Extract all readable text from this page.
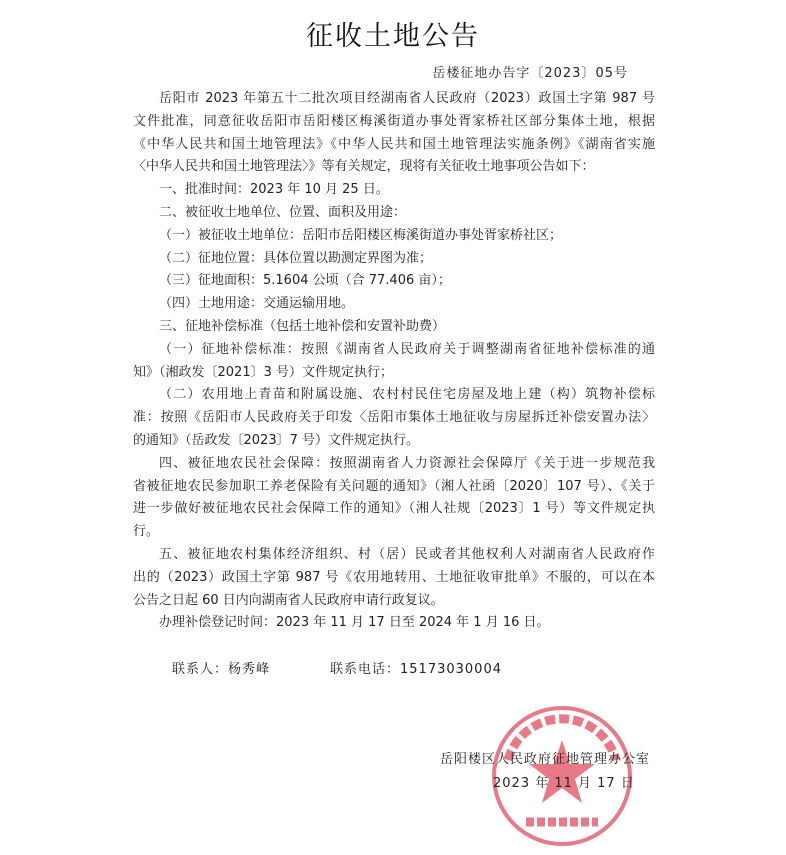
征收土地公告
岳楼征地办告字〔2023〕05号
岳阳市 2023 年第五十二批次项目经湖南省人民政府（2023）政国土字第 987 号
文件批准，同意征收岳阳市岳阳楼区梅溪街道办事处胥家桥社区部分集体土地，根据
《中华人民共和国土地管理法》《中华人民共和国土地管理法实施条例》《湖南省实施
〈中华人民共和国土地管理法〉》等有关规定，现将有关征收土地事项公告如下：
一、批准时间：2023 年 10 月 25 日。
二、被征收土地单位、位置、面积及用途：
（一）被征收土地单位：岳阳市岳阳楼区梅溪街道办事处胥家桥社区；
（二）征地位置：具体位置以勘测定界图为准；
（三）征地面积：5.1604 公顷（合 77.406 亩）；
（四）土地用途：交通运输用地。
三、征地补偿标准（包括土地补偿和安置补助费）
（一）征地补偿标准：按照《湖南省人民政府关于调整湖南省征地补偿标准的通
知》（湘政发〔2021〕3 号）文件规定执行；
（二）农用地上青苗和附属设施、农村村民住宅房屋及地上建（构）筑物补偿标
准：按照《岳阳市人民政府关于印发〈岳阳市集体土地征收与房屋拆迁补偿安置办法〉
的通知》（岳政发〔2023〕7 号）文件规定执行。
四、被征地农民社会保障：按照湖南省人力资源社会保障厅《关于进一步规范我
省被征地农民参加职工养老保险有关问题的通知》（湘人社函〔2020〕107 号）、《关于
进一步做好被征地农民社会保障工作的通知》（湘人社规〔2023〕1 号）等文件规定执
行。
五、被征地农村集体经济组织、村（居）民或者其他权利人对湖南省人民政府作
出的（2023）政国土字第 987 号《农用地转用、土地征收审批单》不服的，可以在本
公告之日起 60 日内向湖南省人民政府申请行政复议。
办理补偿登记时间：2023 年 11 月 17 日至 2024 年 1 月 16 日。
联系人：杨秀峰	联系电话：15173030004
岳阳楼区人民政府征地管理办公室
2023 年 11 月 17 日
